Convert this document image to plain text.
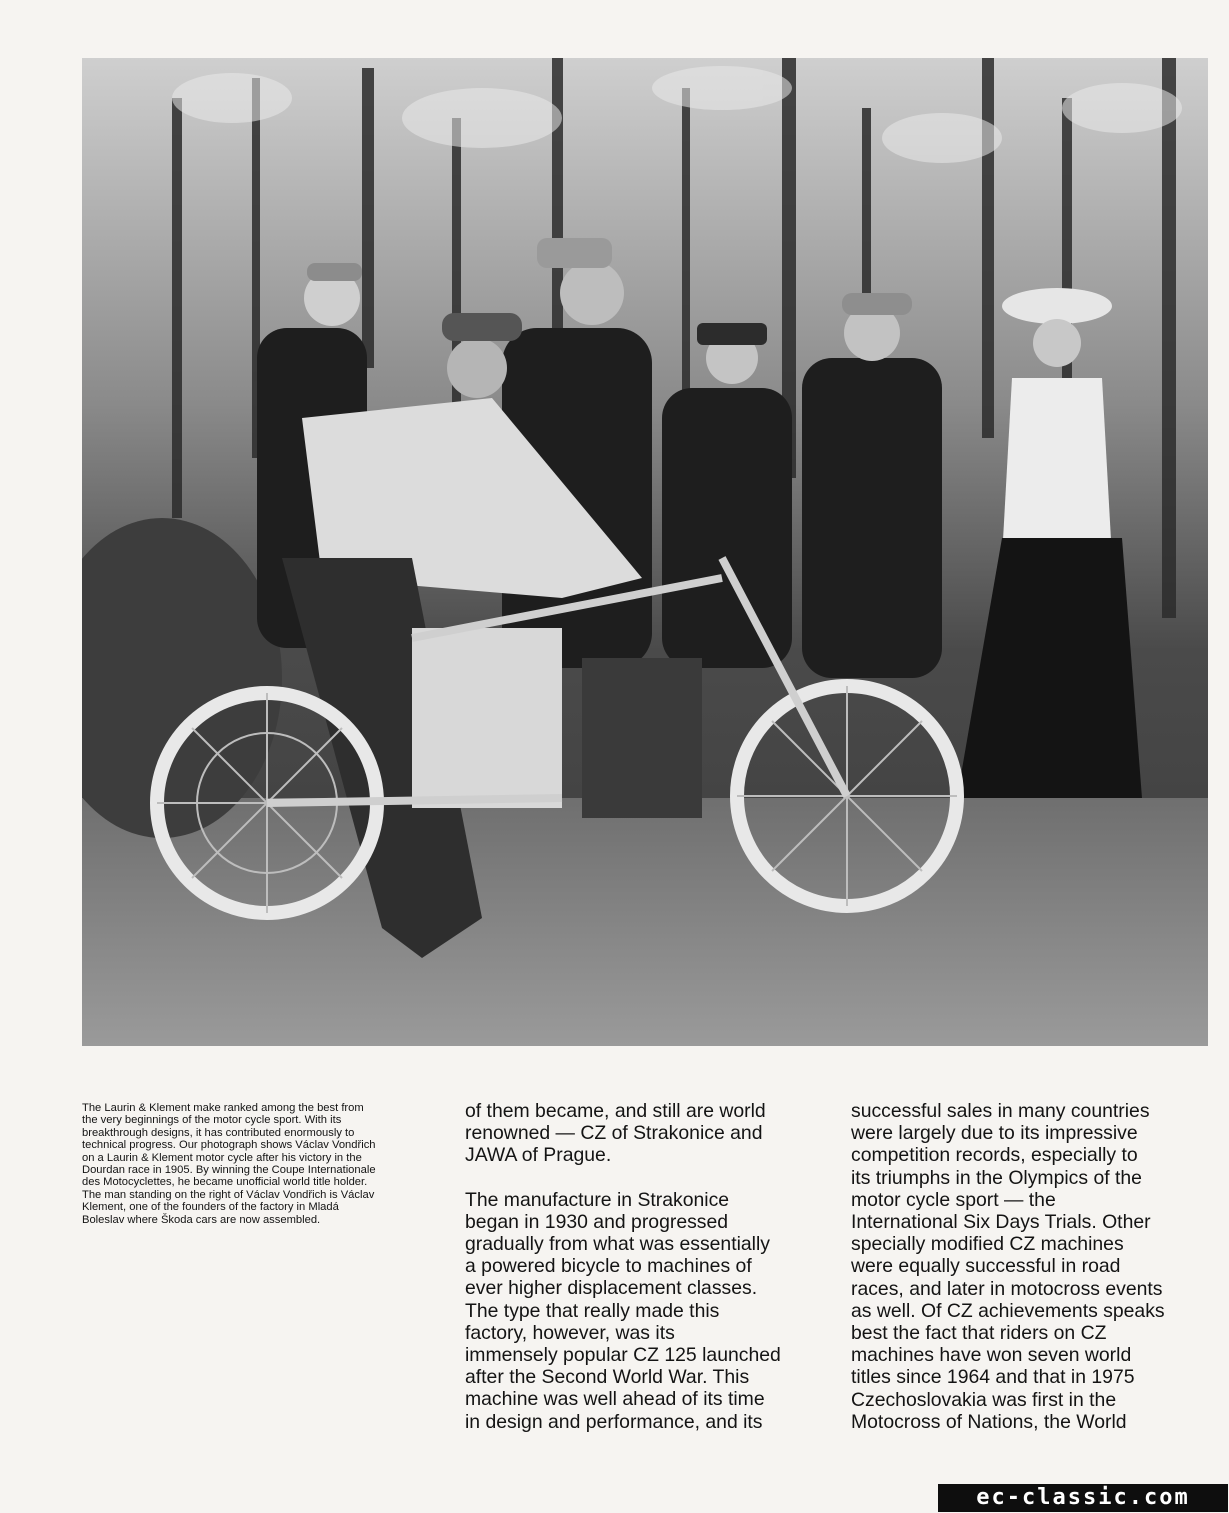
The Laurin & Klement make ranked among the best from
the very beginnings of the motor cycle sport. With its
breakthrough designs, it has contributed enormously to
technical progress. Our photograph shows Václav Vondřich
on a Laurin & Klement motor cycle after his victory in the
Dourdan race in 1905. By winning the Coupe Internationale
des Motocyclettes, he became unofficial world title holder.
The man standing on the right of Václav Vondřich is Václav
Klement, one of the founders of the factory in Mladá
Boleslav where Škoda cars are now assembled.

of them became, and still are world
renowned — CZ of Strakonice and
JAWA of Prague.

The manufacture in Strakonice
began in 1930 and progressed
gradually from what was essentially
a powered bicycle to machines of
ever higher displacement classes.
The type that really made this
factory, however, was its
immensely popular CZ 125 launched
after the Second World War. This
machine was well ahead of its time
in design and performance, and its

successful sales in many countries
were largely due to its impressive
competition records, especially to
its triumphs in the Olympics of the
motor cycle sport — the
International Six Days Trials. Other
specially modified CZ machines
were equally successful in road
races, and later in motocross events
as well. Of CZ achievements speaks
best the fact that riders on CZ
machines have won seven world
titles since 1964 and that in 1975
Czechoslovakia was first in the
Motocross of Nations, the World

ec-classic.com
